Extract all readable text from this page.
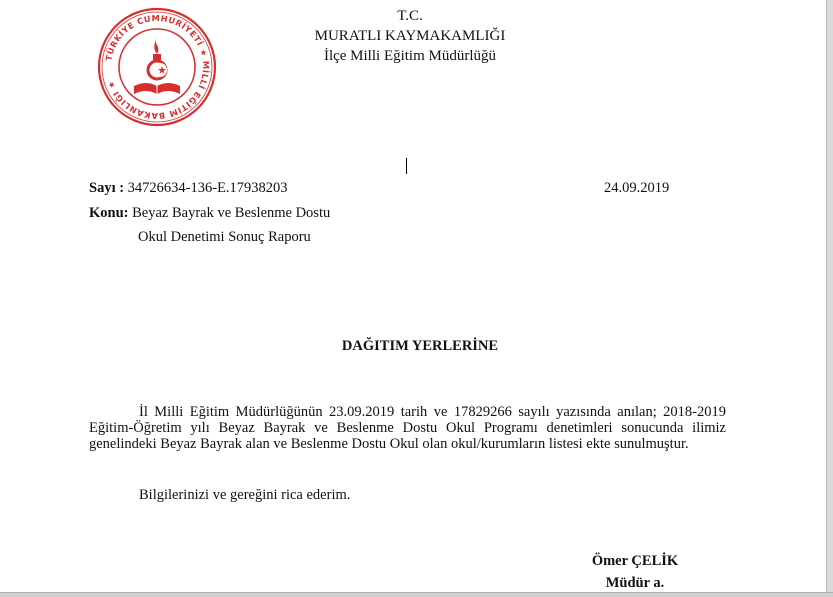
TÜRKİYE CUMHURİYETİ ★ MİLLİ EĞİTİM BAKANLIĞI ★
T.C.
MURATLI KAYMAKAMLIĞI
İlçe Milli Eğitim Müdürlüğü
Sayı : 34726634-136-E.17938203	24.09.2019
Konu: Beyaz Bayrak ve Beslenme Dostu
Okul Denetimi Sonuç Raporu
DAĞITIM YERLERİNE

İl Milli Eğitim Müdürlüğünün 23.09.2019 tarih ve 17829266 sayılı yazısında anılan; 2018-2019 Eğitim-Öğretim yılı Beyaz Bayrak ve Beslenme Dostu Okul Programı denetimleri sonucunda ilimiz genelindeki Beyaz Bayrak alan ve Beslenme Dostu Okul olan okul/kurumların listesi ekte sunulmuştur.

Bilgilerinizi ve gereğini rica ederim.
Ömer ÇELİK
Müdür a.
